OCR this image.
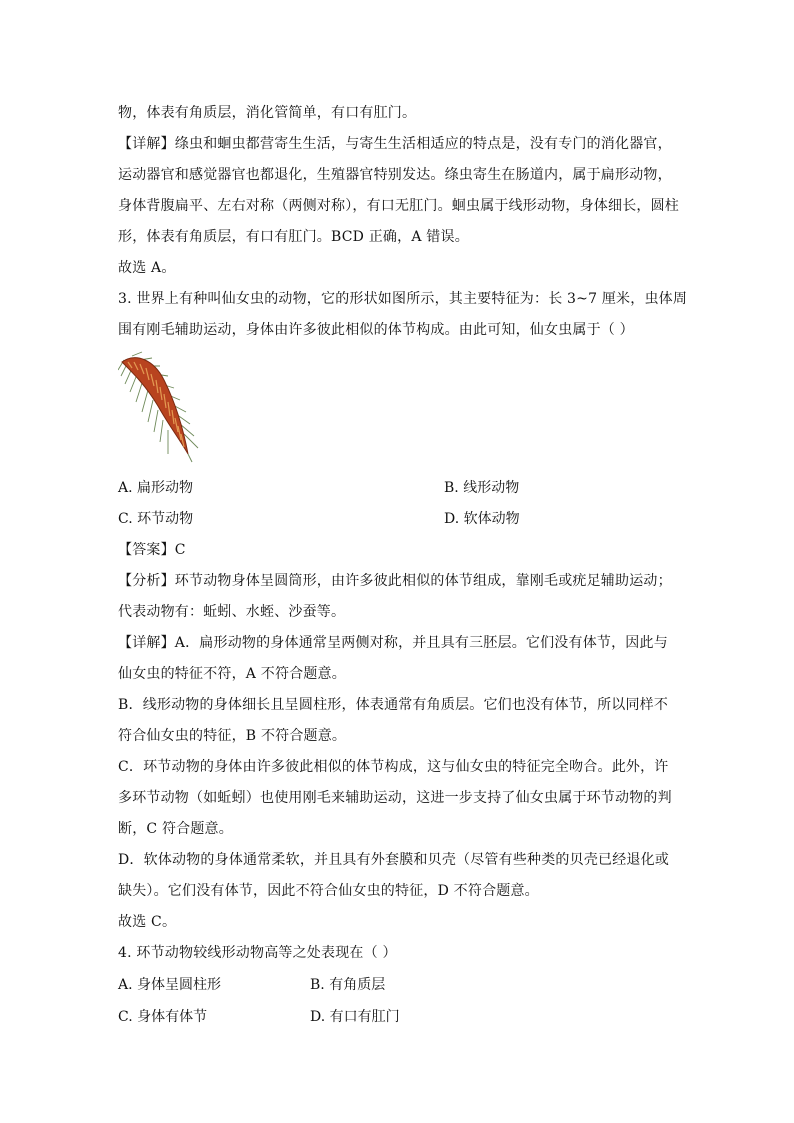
物，体表有角质层，消化管简单，有口有肛门。
【详解】绦虫和蛔虫都营寄生生活，与寄生生活相适应的特点是，没有专门的消化器官，
运动器官和感觉器官也都退化，生殖器官特别发达。绦虫寄生在肠道内，属于扁形动物，
身体背腹扁平、左右对称（两侧对称），有口无肛门。蛔虫属于线形动物，身体细长，圆柱
形，体表有角质层，有口有肛门。BCD 正确，A 错误。
故选 A。
3. 世界上有种叫仙女虫的动物，它的形状如图所示，其主要特征为：长 3~7 厘米，虫体周
围有刚毛辅助运动，身体由许多彼此相似的体节构成。由此可知，仙女虫属于（ ）
A. 扁形动物	B. 线形动物
C. 环节动物	D. 软体动物
【答案】C
【分析】环节动物身体呈圆筒形，由许多彼此相似的体节组成，靠刚毛或疣足辅助运动；
代表动物有：蚯蚓、水蛭、沙蚕等。
【详解】A．扁形动物的身体通常呈两侧对称，并且具有三胚层。它们没有体节，因此与
仙女虫的特征不符，A 不符合题意。
B．线形动物的身体细长且呈圆柱形，体表通常有角质层。它们也没有体节，所以同样不
符合仙女虫的特征，B 不符合题意。
C．环节动物的身体由许多彼此相似的体节构成，这与仙女虫的特征完全吻合。此外，许
多环节动物（如蚯蚓）也使用刚毛来辅助运动，这进一步支持了仙女虫属于环节动物的判
断，C 符合题意。
D．软体动物的身体通常柔软，并且具有外套膜和贝壳（尽管有些种类的贝壳已经退化或
缺失）。它们没有体节，因此不符合仙女虫的特征，D 不符合题意。
故选 C。
4. 环节动物较线形动物高等之处表现在（ ）
A. 身体呈圆柱形	B. 有角质层
C. 身体有体节	D. 有口有肛门
